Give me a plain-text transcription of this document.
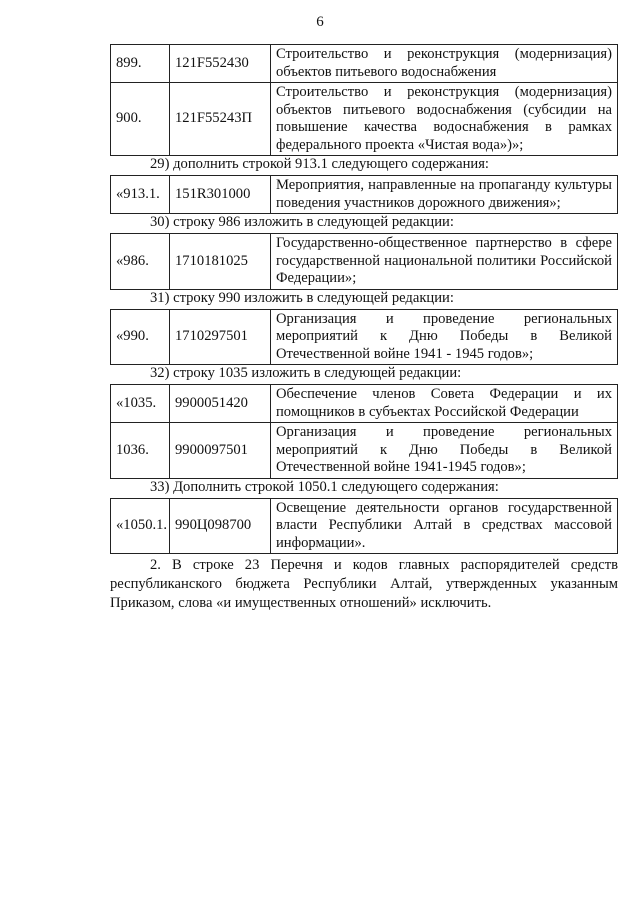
6
899.	121F552430	Строительство и реконструкция (модернизация) объектов питьевого водоснабжения
900.	121F55243П	Строительство и реконструкция (модернизация) объектов питьевого водоснабжения (субсидии на повышение качества водоснабжения в рамках федерального проекта «Чистая вода»)»;
29) дополнить строкой 913.1 следующего содержания:
«913.1.	151R301000	Мероприятия, направленные на пропаганду культуры поведения участников дорожного движения»;
30) строку 986 изложить в следующей редакции:
«986.	1710181025	Государственно-общественное партнерство в сфере государственной национальной политики Российской Федерации»;
31) строку 990 изложить в следующей редакции:
«990.	1710297501	Организация и проведение региональных мероприятий к Дню Победы в Великой Отечественной войне 1941 - 1945 годов»;
32) строку 1035 изложить в следующей редакции:
«1035.	9900051420	Обеспечение членов Совета Федерации и их помощников в субъектах Российской Федерации
1036.	9900097501	Организация и проведение региональных мероприятий к Дню Победы в Великой Отечественной войне 1941-1945 годов»;
33) Дополнить строкой 1050.1 следующего содержания:
«1050.1.	990Ц098700	Освещение деятельности органов государственной власти Республики Алтай в средствах массовой информации».
2. В строке 23 Перечня и кодов главных распорядителей средств республиканского бюджета Республики Алтай, утвержденных указанным Приказом, слова «и имущественных отношений» исключить.
